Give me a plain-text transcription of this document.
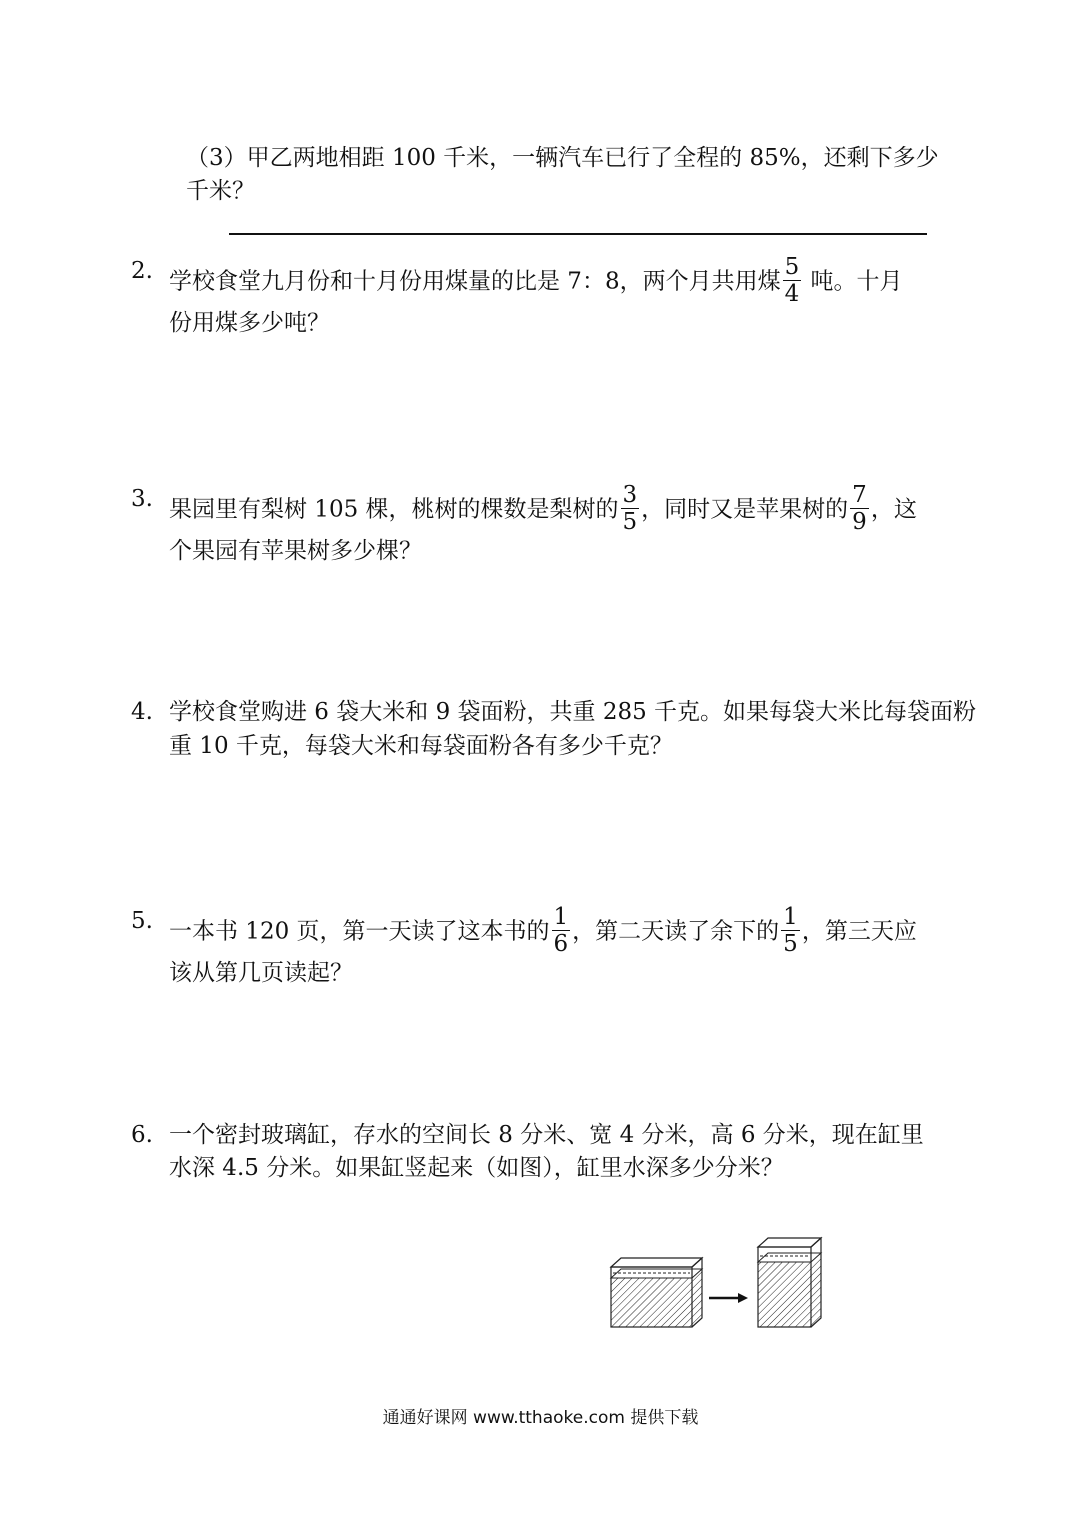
（3）甲乙两地相距 100 千米，一辆汽车已行了全程的 85%，还剩下多少
千米？
2. 学校食堂九月份和十月份用煤量的比是 7：8，两个月共用煤 $\frac{5}{4}$ 吨。十月
份用煤多少吨？
3. 果园里有梨树 105 棵，桃树的棵数是梨树的 $\frac{3}{5}$ ，同时又是苹果树的 $\frac{7}{9}$ ，这
个果园有苹果树多少棵？
4. 学校食堂购进 6 袋大米和 9 袋面粉，共重 285 千克。如果每袋大米比每袋面粉
重 10 千克，每袋大米和每袋面粉各有多少千克？
5. 一本书 120 页，第一天读了这本书的 $\frac{1}{6}$ ，第二天读了余下的 $\frac{1}{5}$ ，第三天应
该从第几页读起？
6. 一个密封玻璃缸，存水的空间长 8 分米、宽 4 分米，高 6 分米，现在缸里
水深 4.5 分米。如果缸竖起来（如图），缸里水深多少分米？
通通好课网 www.tthaoke.com 提供下载
